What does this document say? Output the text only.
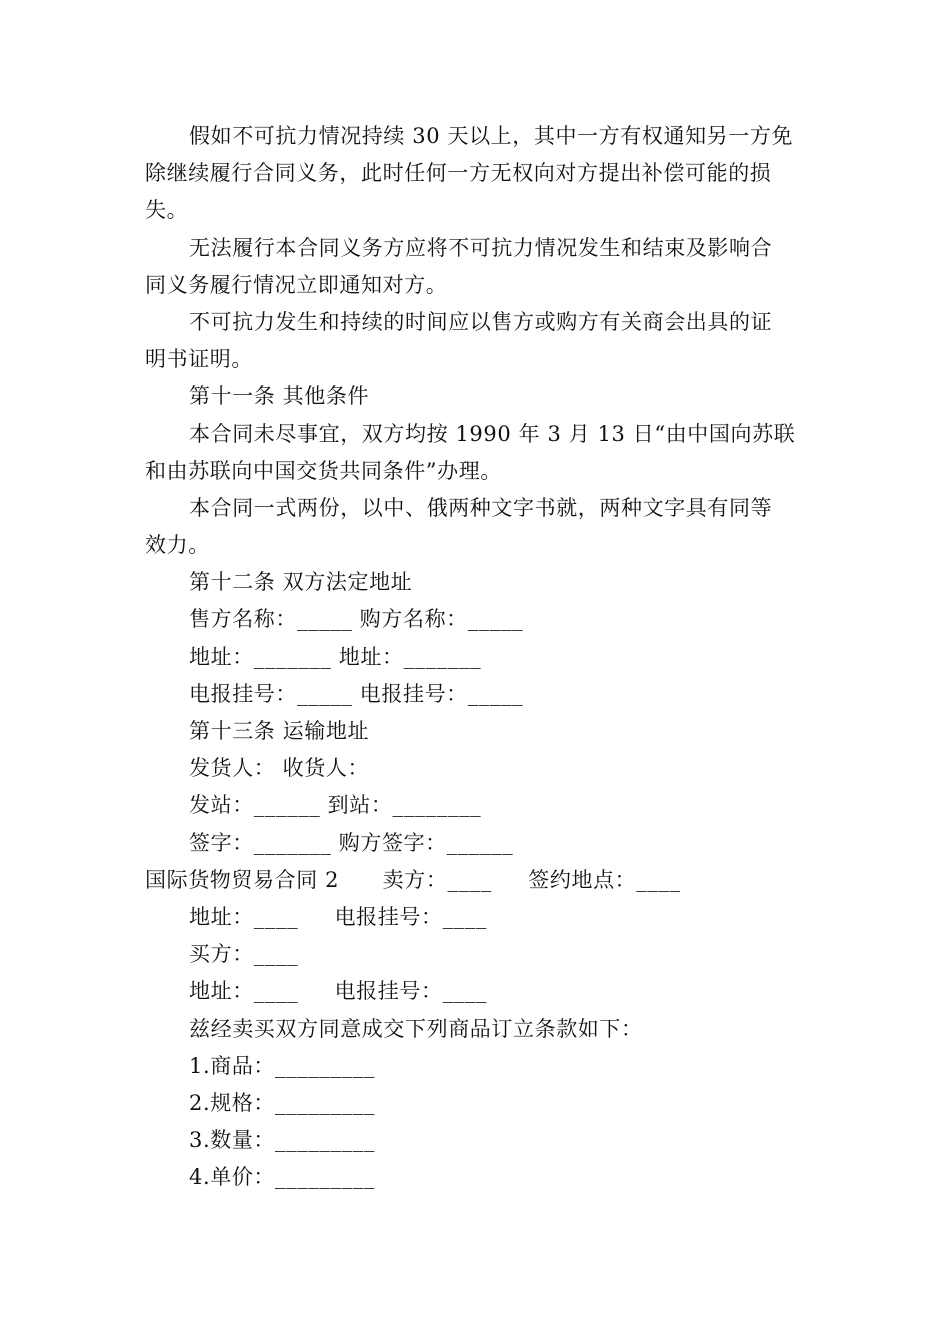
假如不可抗力情况持续 30 天以上，其中一方有权通知另一方免
除继续履行合同义务，此时任何一方无权向对方提出补偿可能的损
失。
无法履行本合同义务方应将不可抗力情况发生和结束及影响合
同义务履行情况立即通知对方。
不可抗力发生和持续的时间应以售方或购方有关商会出具的证
明书证明。
第十一条 其他条件
本合同未尽事宜，双方均按 1990 年 3 月 13 日“由中国向苏联
和由苏联向中国交货共同条件”办理。
本合同一式两份，以中、俄两种文字书就，两种文字具有同等
效力。
第十二条 双方法定地址
售方名称：_____ 购方名称：_____
地址：_______ 地址：_______
电报挂号：_____ 电报挂号：_____
第十三条 运输地址
发货人： 收货人：
发站：______ 到站：________
签字：_______ 购方签字：______
国际货物贸易合同 2      卖方：____     签约地点：____
地址：____     电报挂号：____
买方：____
地址：____     电报挂号：____
兹经卖买双方同意成交下列商品订立条款如下：
1.商品：_________
2.规格：_________
3.数量：_________
4.单价：_________
